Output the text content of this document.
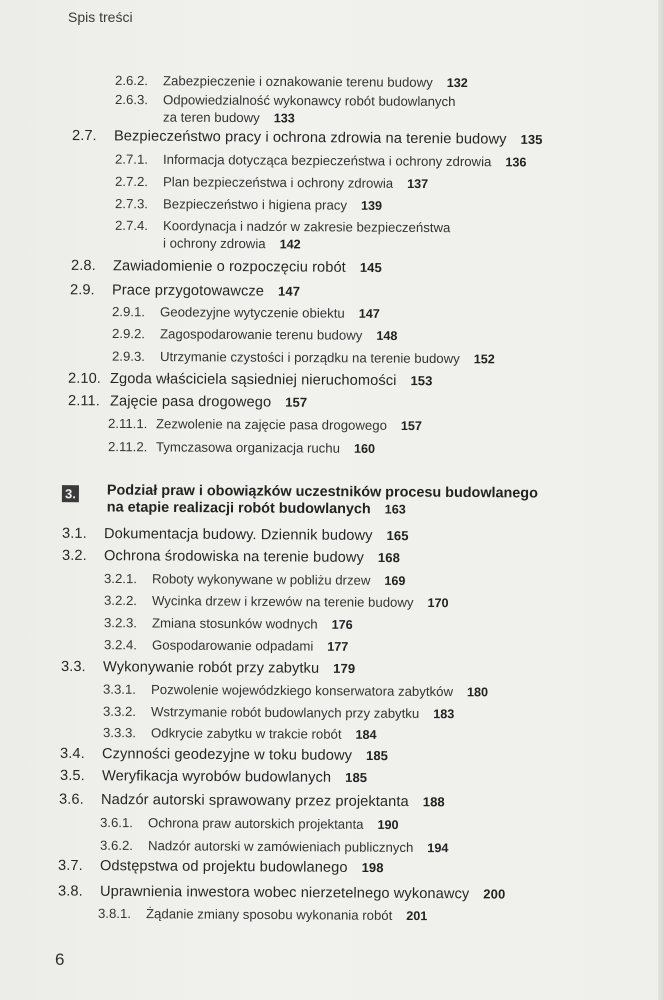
Spis treści
2.6.2. Zabezpieczenie i oznakowanie terenu budowy 132
2.6.3. Odpowiedzialność wykonawcy robót budowlanych
za teren budowy 133
2.7. Bezpieczeństwo pracy i ochrona zdrowia na terenie budowy 135
2.7.1. Informacja dotycząca bezpieczeństwa i ochrony zdrowia 136
2.7.2. Plan bezpieczeństwa i ochrony zdrowia 137
2.7.3. Bezpieczeństwo i higiena pracy 139
2.7.4. Koordynacja i nadzór w zakresie bezpieczeństwa
i ochrony zdrowia 142
2.8. Zawiadomienie o rozpoczęciu robót 145
2.9. Prace przygotowawcze 147
2.9.1. Geodezyjne wytyczenie obiektu 147
2.9.2. Zagospodarowanie terenu budowy 148
2.9.3. Utrzymanie czystości i porządku na terenie budowy 152
2.10. Zgoda właściciela sąsiedniej nieruchomości 153
2.11. Zajęcie pasa drogowego 157
2.11.1. Zezwolenie na zajęcie pasa drogowego 157
2.11.2. Tymczasowa organizacja ruchu 160
3. Podział praw i obowiązków uczestników procesu budowlanego
na etapie realizacji robót budowlanych 163
3.1. Dokumentacja budowy. Dziennik budowy 165
3.2. Ochrona środowiska na terenie budowy 168
3.2.1. Roboty wykonywane w pobliżu drzew 169
3.2.2. Wycinka drzew i krzewów na terenie budowy 170
3.2.3. Zmiana stosunków wodnych 176
3.2.4. Gospodarowanie odpadami 177
3.3. Wykonywanie robót przy zabytku 179
3.3.1. Pozwolenie wojewódzkiego konserwatora zabytków 180
3.3.2. Wstrzymanie robót budowlanych przy zabytku 183
3.3.3. Odkrycie zabytku w trakcie robót 184
3.4. Czynności geodezyjne w toku budowy 185
3.5. Weryfikacja wyrobów budowlanych 185
3.6. Nadzór autorski sprawowany przez projektanta 188
3.6.1. Ochrona praw autorskich projektanta 190
3.6.2. Nadzór autorski w zamówieniach publicznych 194
3.7. Odstępstwa od projektu budowlanego 198
3.8. Uprawnienia inwestora wobec nierzetelnego wykonawcy 200
3.8.1. Żądanie zmiany sposobu wykonania robót 201
6
